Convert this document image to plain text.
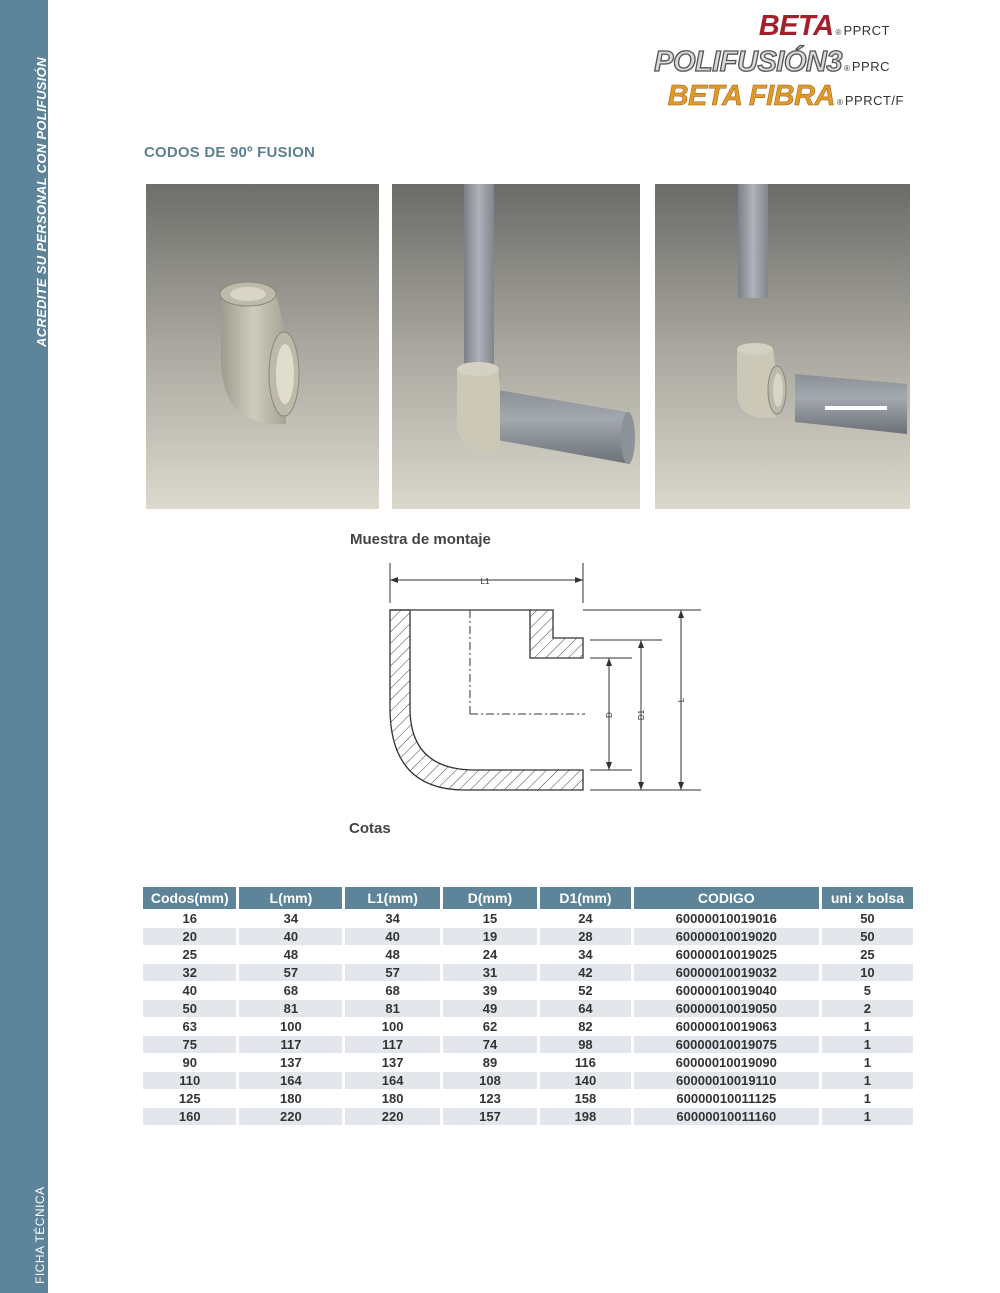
ACREDITE SU PERSONAL CON POLIFUSIÓN
FICHA TÉCNICA
BETA ® PPRCT
POLIFUSIÓN3 ® PPRC
BETA FIBRA ® PPRCT/F
CODOS DE 90º FUSION
Muestra de montaje
L1
D	D1
L
Cotas
Codos(mm)	L(mm)	L1(mm)	D(mm)	D1(mm)	CODIGO	uni x bolsa
16	34	34	15	24	60000010019016	50
20	40	40	19	28	60000010019020	50
25	48	48	24	34	60000010019025	25
32	57	57	31	42	60000010019032	10
40	68	68	39	52	60000010019040	5
50	81	81	49	64	60000010019050	2
63	100	100	62	82	60000010019063	1
75	117	117	74	98	60000010019075	1
90	137	137	89	116	60000010019090	1
110	164	164	108	140	60000010019110	1
125	180	180	123	158	60000010011125	1
160	220	220	157	198	60000010011160	1
